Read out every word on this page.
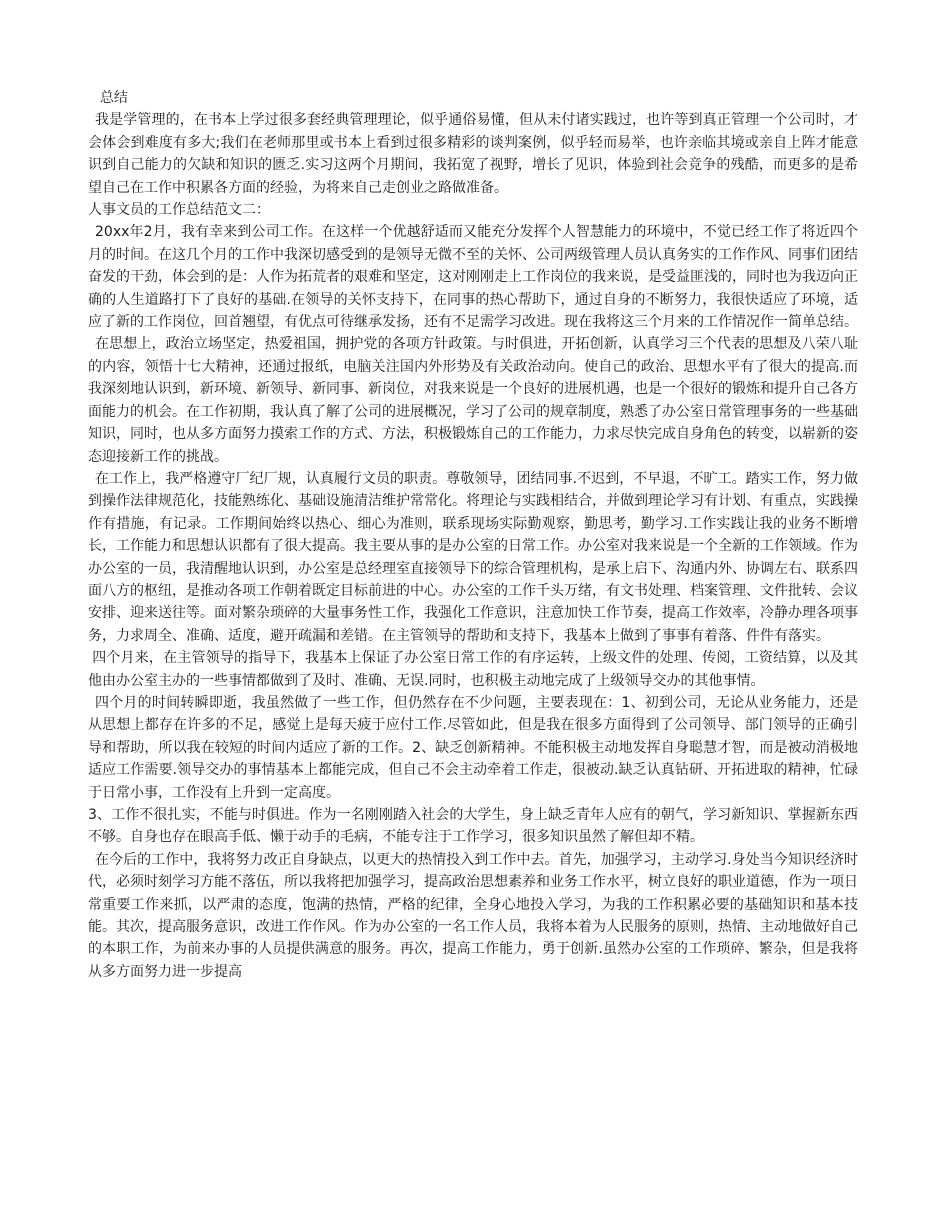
总结

我是学管理的，在书本上学过很多套经典管理理论，似乎通俗易懂，但从未付诸实践过，也许等到真正管理一个公司时，才会体会到难度有多大;我们在老师那里或书本上看到过很多精彩的谈判案例，似乎轻而易举，也许亲临其境或亲自上阵才能意识到自己能力的欠缺和知识的匮乏.实习这两个月期间，我拓宽了视野，增长了见识，体验到社会竞争的残酷，而更多的是希望自己在工作中积累各方面的经验，为将来自己走创业之路做准备。

人事文员的工作总结范文二：

20xx年2月，我有幸来到公司工作。在这样一个优越舒适而又能充分发挥个人智慧能力的环境中，不觉已经工作了将近四个月的时间。在这几个月的工作中我深切感受到的是领导无微不至的关怀、公司两级管理人员认真务实的工作作风、同事们团结奋发的干劲，体会到的是：人作为拓荒者的艰难和坚定，这对刚刚走上工作岗位的我来说，是受益匪浅的，同时也为我迈向正确的人生道路打下了良好的基础.在领导的关怀支持下，在同事的热心帮助下，通过自身的不断努力，我很快适应了环境，适应了新的工作岗位，回首翘望，有优点可待继承发扬，还有不足需学习改进。现在我将这三个月来的工作情况作一简单总结。

在思想上，政治立场坚定，热爱祖国，拥护党的各项方针政策。与时俱进，开拓创新，认真学习三个代表的思想及八荣八耻的内容，领悟十七大精神，还通过报纸，电脑关注国内外形势及有关政治动向。使自己的政治、思想水平有了很大的提高.而我深刻地认识到，新环境、新领导、新同事、新岗位，对我来说是一个良好的进展机遇，也是一个很好的锻炼和提升自己各方面能力的机会。在工作初期，我认真了解了公司的进展概况，学习了公司的规章制度，熟悉了办公室日常管理事务的一些基础知识，同时，也从多方面努力摸索工作的方式、方法，积极锻炼自己的工作能力，力求尽快完成自身角色的转变，以崭新的姿态迎接新工作的挑战。

在工作上，我严格遵守厂纪厂规，认真履行文员的职责。尊敬领导，团结同事.不迟到，不早退，不旷工。踏实工作，努力做到操作法律规范化，技能熟练化、基础设施清洁维护常常化。将理论与实践相结合，并做到理论学习有计划、有重点，实践操作有措施，有记录。工作期间始终以热心、细心为准则，联系现场实际勤观察，勤思考，勤学习.工作实践让我的业务不断增长，工作能力和思想认识都有了很大提高。我主要从事的是办公室的日常工作。办公室对我来说是一个全新的工作领域。作为办公室的一员，我清醒地认识到，办公室是总经理室直接领导下的综合管理机构，是承上启下、沟通内外、协调左右、联系四面八方的枢纽，是推动各项工作朝着既定目标前进的中心。办公室的工作千头万绪，有文书处理、档案管理、文件批转、会议安排、迎来送往等。面对繁杂琐碎的大量事务性工作，我强化工作意识，注意加快工作节奏，提高工作效率，冷静办理各项事务，力求周全、准确、适度，避开疏漏和差错。在主管领导的帮助和支持下，我基本上做到了事事有着落、件件有落实。

四个月来，在主管领导的指导下，我基本上保证了办公室日常工作的有序运转，上级文件的处理、传阅，工资结算，以及其他由办公室主办的一些事情都做到了及时、准确、无误.同时，也积极主动地完成了上级领导交办的其他事情。

四个月的时间转瞬即逝，我虽然做了一些工作，但仍然存在不少问题，主要表现在：1、初到公司，无论从业务能力，还是从思想上都存在许多的不足，感觉上是每天疲于应付工作.尽管如此，但是我在很多方面得到了公司领导、部门领导的正确引导和帮助，所以我在较短的时间内适应了新的工作。2、缺乏创新精神。不能积极主动地发挥自身聪慧才智，而是被动消极地适应工作需要.领导交办的事情基本上都能完成，但自己不会主动牵着工作走，很被动.缺乏认真钻研、开拓进取的精神，忙碌于日常小事，工作没有上升到一定高度。

3、工作不很扎实，不能与时俱进。作为一名刚刚踏入社会的大学生，身上缺乏青年人应有的朝气，学习新知识、掌握新东西不够。自身也存在眼高手低、懒于动手的毛病，不能专注于工作学习，很多知识虽然了解但却不精。

在今后的工作中，我将努力改正自身缺点，以更大的热情投入到工作中去。首先，加强学习，主动学习.身处当今知识经济时代，必须时刻学习方能不落伍，所以我将把加强学习，提高政治思想素养和业务工作水平，树立良好的职业道德，作为一项日常重要工作来抓，以严肃的态度，饱满的热情，严格的纪律，全身心地投入学习，为我的工作积累必要的基础知识和基本技能。其次，提高服务意识，改进工作作风。作为办公室的一名工作人员，我将本着为人民服务的原则，热情、主动地做好自己的本职工作，为前来办事的人员提供满意的服务。再次，提高工作能力，勇于创新.虽然办公室的工作琐碎、繁杂，但是我将从多方面努力进一步提高
